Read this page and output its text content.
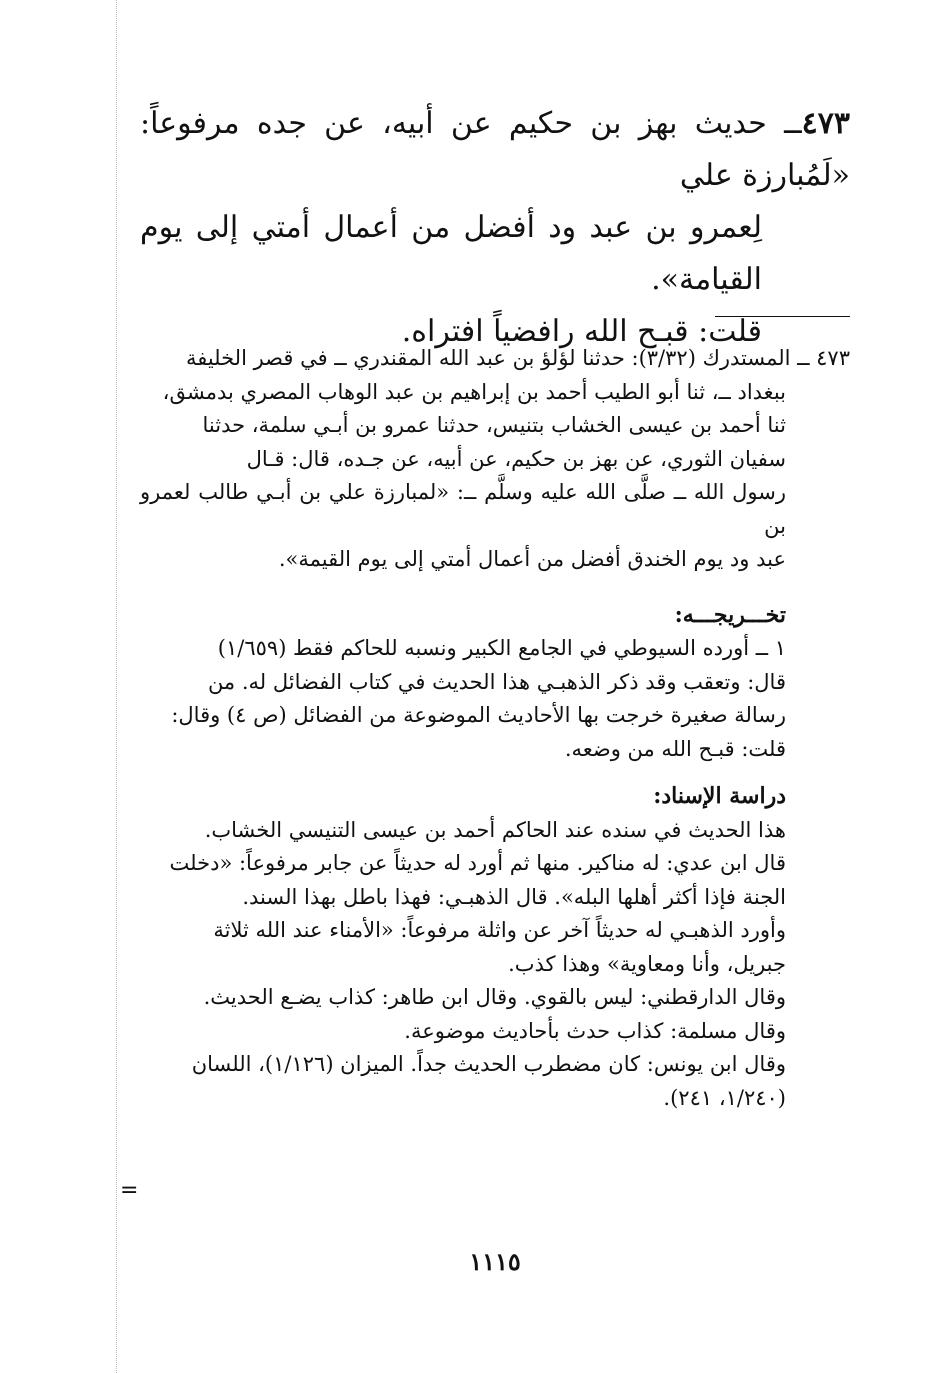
٤٧٣ــ حديث بهز بن حكيم عن أبيه، عن جده مرفوعاً: «لَمُبارزة علي

لِعمرو بن عبد ود أفضل من أعمال أمتي إلى يوم القيامة».

قلت: قبـح الله رافضياً افتراه.

٤٧٣ ــ المستدرك (٣/٣٢): حدثنا لؤلؤ بن عبد الله المقندري ــ في قصر الخليفة

ببغداد ــ، ثنا أبو الطيب أحمد بن إبراهيم بن عبد الوهاب المصري بدمشق،

ثنا أحمد بن عيسى الخشاب بتنيس، حدثنا عمرو بن أبـي سلمة، حدثنا

سفيان الثوري، عن بهز بن حكيم، عن أبيه، عن جـده، قال: قـال

رسول الله ــ صلَّى الله عليه وسلَّم ــ: «لمبارزة علي بن أبـي طالب لعمرو بن

عبد ود يوم الخندق أفضل من أعمال أمتي إلى يوم القيمة».

تخـــريجـــه:

١ ــ أورده السيوطي في الجامع الكبير ونسبه للحاكم فقط (١/٦٥٩)

قال: وتعقب وقد ذكر الذهبـي هذا الحديث في كتاب الفضائل له. من

رسالة صغيرة خرجت بها الأحاديث الموضوعة من الفضائل (ص ٤) وقال:

قلت: قبـح الله من وضعه.

دراسة الإسناد:

هذا الحديث في سنده عند الحاكم أحمد بن عيسى التنيسي الخشاب.

قال ابن عدي: له مناكير. منها ثم أورد له حديثاً عن جابر مرفوعاً: «دخلت

الجنة فإذا أكثر أهلها البله». قال الذهبـي: فهذا باطل بهذا السند.

وأورد الذهبـي له حديثاً آخر عن واثلة مرفوعاً: «الأمناء عند الله ثلاثة

جبريل، وأنا ومعاوية» وهذا كذب.

وقال الدارقطني: ليس بالقوي. وقال ابن طاهر: كذاب يضـع الحديث.

وقال مسلمة: كذاب حدث بأحاديث موضوعة.

وقال ابن يونس: كان مضطرب الحديث جداً. الميزان (١/١٢٦)، اللسان

(١/٢٤٠، ٢٤١).

١١١٥
=
